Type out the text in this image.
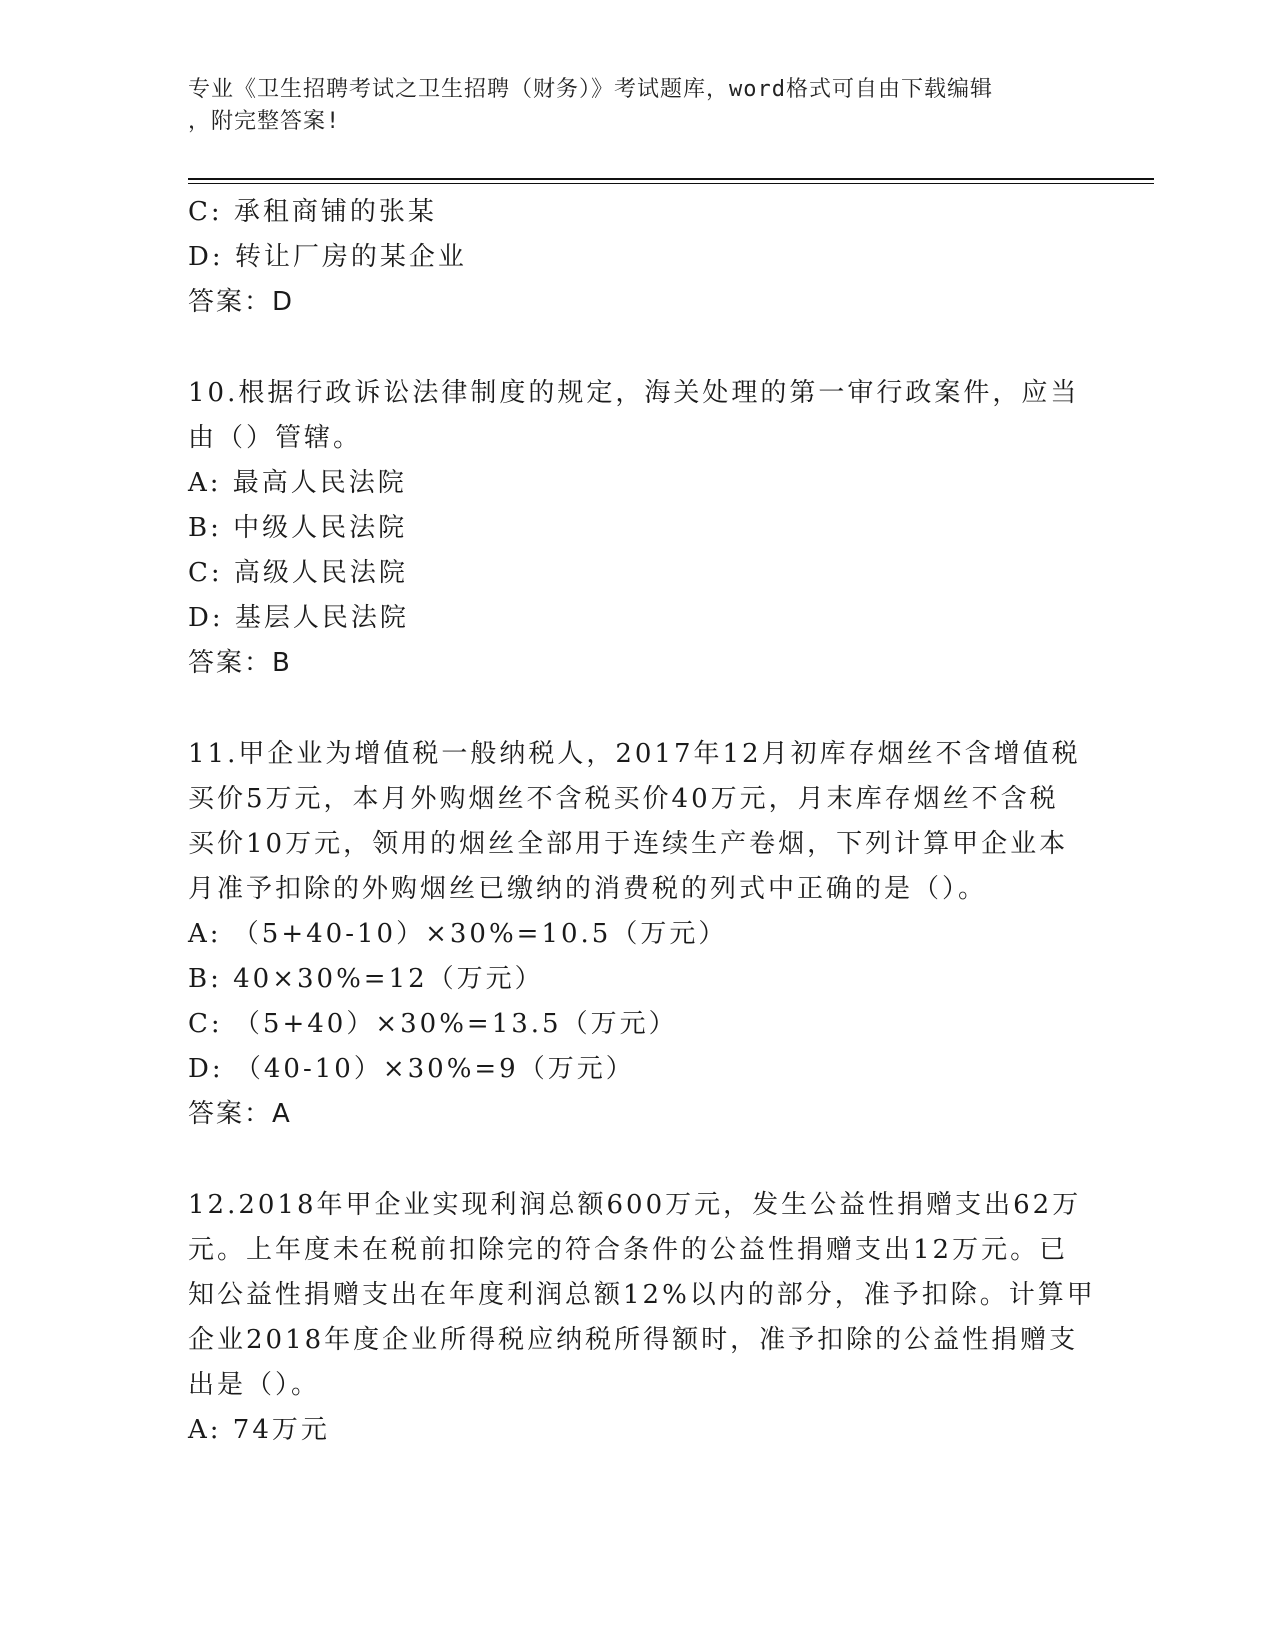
专业《卫生招聘考试之卫生招聘（财务）》考试题库，word格式可自由下载编辑
，附完整答案!
C: 承租商铺的张某
D: 转让厂房的某企业
答案：D
10.根据行政诉讼法律制度的规定，海关处理的第一审行政案件，应当
由（）管辖。
A: 最高人民法院
B: 中级人民法院
C: 高级人民法院
D: 基层人民法院
答案：B
11.甲企业为增值税一般纳税人，2017年12月初库存烟丝不含增值税
买价5万元，本月外购烟丝不含税买价40万元，月末库存烟丝不含税
买价10万元，领用的烟丝全部用于连续生产卷烟，下列计算甲企业本
月准予扣除的外购烟丝已缴纳的消费税的列式中正确的是（）。
A: （5+40-10）×30%=10.5（万元）
B: 40×30%=12（万元）
C: （5+40）×30%=13.5（万元）
D: （40-10）×30%=9（万元）
答案：A
12.2018年甲企业实现利润总额600万元，发生公益性捐赠支出62万
元。上年度未在税前扣除完的符合条件的公益性捐赠支出12万元。已
知公益性捐赠支出在年度利润总额12%以内的部分，准予扣除。计算甲
企业2018年度企业所得税应纳税所得额时，准予扣除的公益性捐赠支
出是（）。
A: 74万元
